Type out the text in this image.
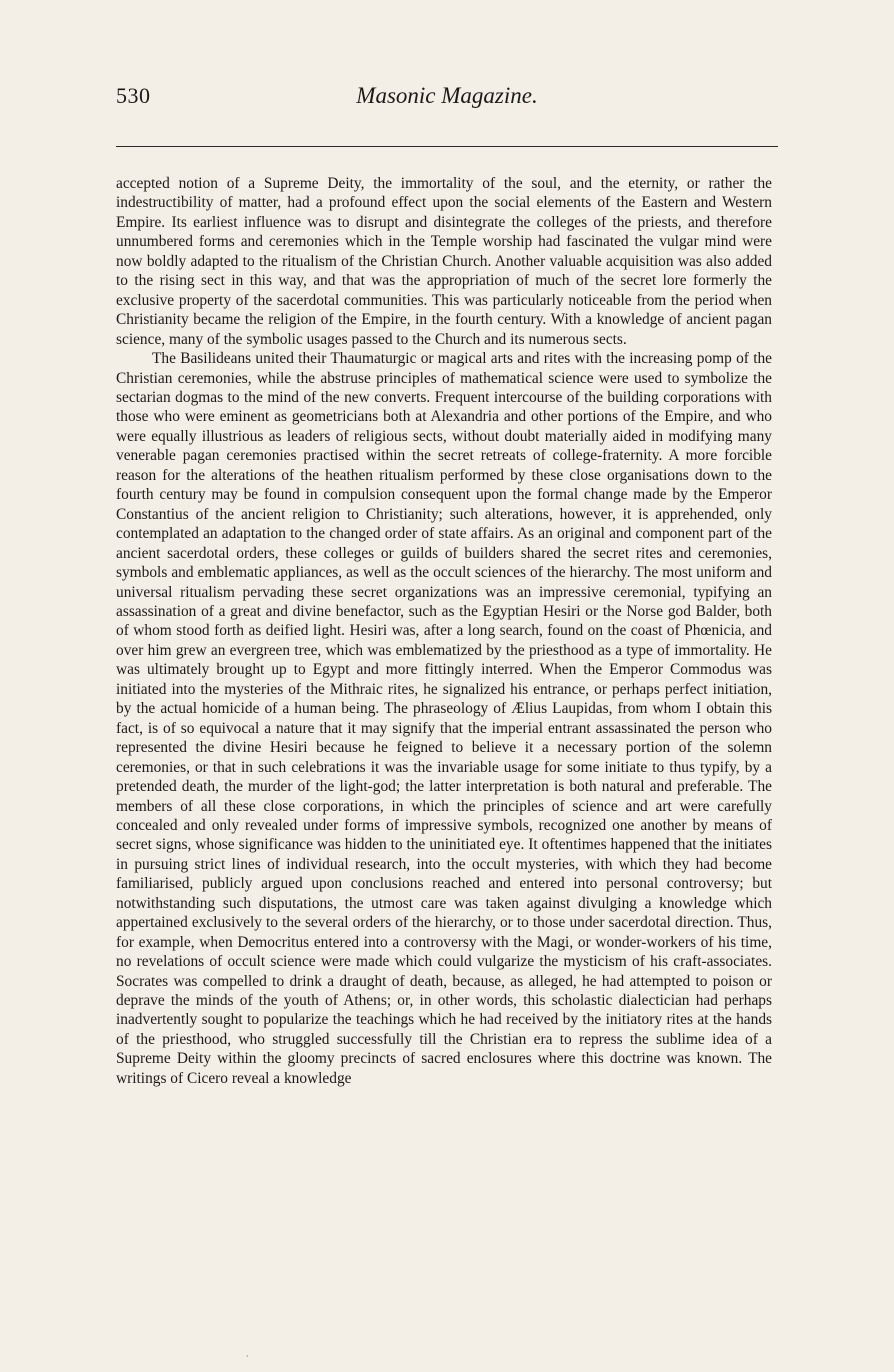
530	Masonic Magazine.

accepted notion of a Supreme Deity, the immortality of the soul, and the eternity, or rather the indestructibility of matter, had a profound effect upon the social elements of the Eastern and Western Empire. Its earliest influence was to disrupt and disintegrate the colleges of the priests, and therefore unnumbered forms and ceremonies which in the Temple worship had fascinated the vulgar mind were now boldly adapted to the ritualism of the Christian Church. Another valuable acquisition was also added to the rising sect in this way, and that was the appropriation of much of the secret lore formerly the exclusive property of the sacerdotal communities. This was particularly noticeable from the period when Christianity became the religion of the Empire, in the fourth century. With a knowledge of ancient pagan science, many of the symbolic usages passed to the Church and its numerous sects.

The Basilideans united their Thaumaturgic or magical arts and rites with the increasing pomp of the Christian ceremonies, while the abstruse principles of mathematical science were used to symbolize the sectarian dogmas to the mind of the new converts. Frequent intercourse of the building corporations with those who were eminent as geometricians both at Alexandria and other portions of the Empire, and who were equally illustrious as leaders of religious sects, without doubt materially aided in modifying many venerable pagan ceremonies practised within the secret retreats of college-fraternity. A more forcible reason for the alterations of the heathen ritualism performed by these close organisations down to the fourth century may be found in compulsion consequent upon the formal change made by the Emperor Constantius of the ancient religion to Christianity; such alterations, however, it is apprehended, only contemplated an adaptation to the changed order of state affairs. As an original and component part of the ancient sacerdotal orders, these colleges or guilds of builders shared the secret rites and ceremonies, symbols and emblematic appliances, as well as the occult sciences of the hierarchy. The most uniform and universal ritualism pervading these secret organizations was an impressive ceremonial, typifying an assassination of a great and divine benefactor, such as the Egyptian Hesiri or the Norse god Balder, both of whom stood forth as deified light. Hesiri was, after a long search, found on the coast of Phœnicia, and over him grew an evergreen tree, which was emblematized by the priesthood as a type of immortality. He was ultimately brought up to Egypt and more fittingly interred. When the Emperor Commodus was initiated into the mysteries of the Mithraic rites, he signalized his entrance, or perhaps perfect initiation, by the actual homicide of a human being. The phraseology of Ælius Laupidas, from whom I obtain this fact, is of so equivocal a nature that it may signify that the imperial entrant assassinated the person who represented the divine Hesiri because he feigned to believe it a necessary portion of the solemn ceremonies, or that in such celebrations it was the invariable usage for some initiate to thus typify, by a pretended death, the murder of the light-god; the latter interpretation is both natural and preferable. The members of all these close corporations, in which the principles of science and art were carefully concealed and only revealed under forms of impressive symbols, recognized one another by means of secret signs, whose significance was hidden to the uninitiated eye. It oftentimes happened that the initiates in pursuing strict lines of individual research, into the occult mysteries, with which they had become familiarised, publicly argued upon conclusions reached and entered into personal controversy; but notwithstanding such disputations, the utmost care was taken against divulging a knowledge which appertained exclusively to the several orders of the hierarchy, or to those under sacerdotal direction. Thus, for example, when Democritus entered into a controversy with the Magi, or wonder-workers of his time, no revelations of occult science were made which could vulgarize the mysticism of his craft-associates. Socrates was compelled to drink a draught of death, because, as alleged, he had attempted to poison or deprave the minds of the youth of Athens; or, in other words, this scholastic dialectician had perhaps inadvertently sought to popularize the teachings which he had received by the initiatory rites at the hands of the priesthood, who struggled successfully till the Christian era to repress the sublime idea of a Supreme Deity within the gloomy precincts of sacred enclosures where this doctrine was known. The writings of Cicero reveal a knowledge

·
